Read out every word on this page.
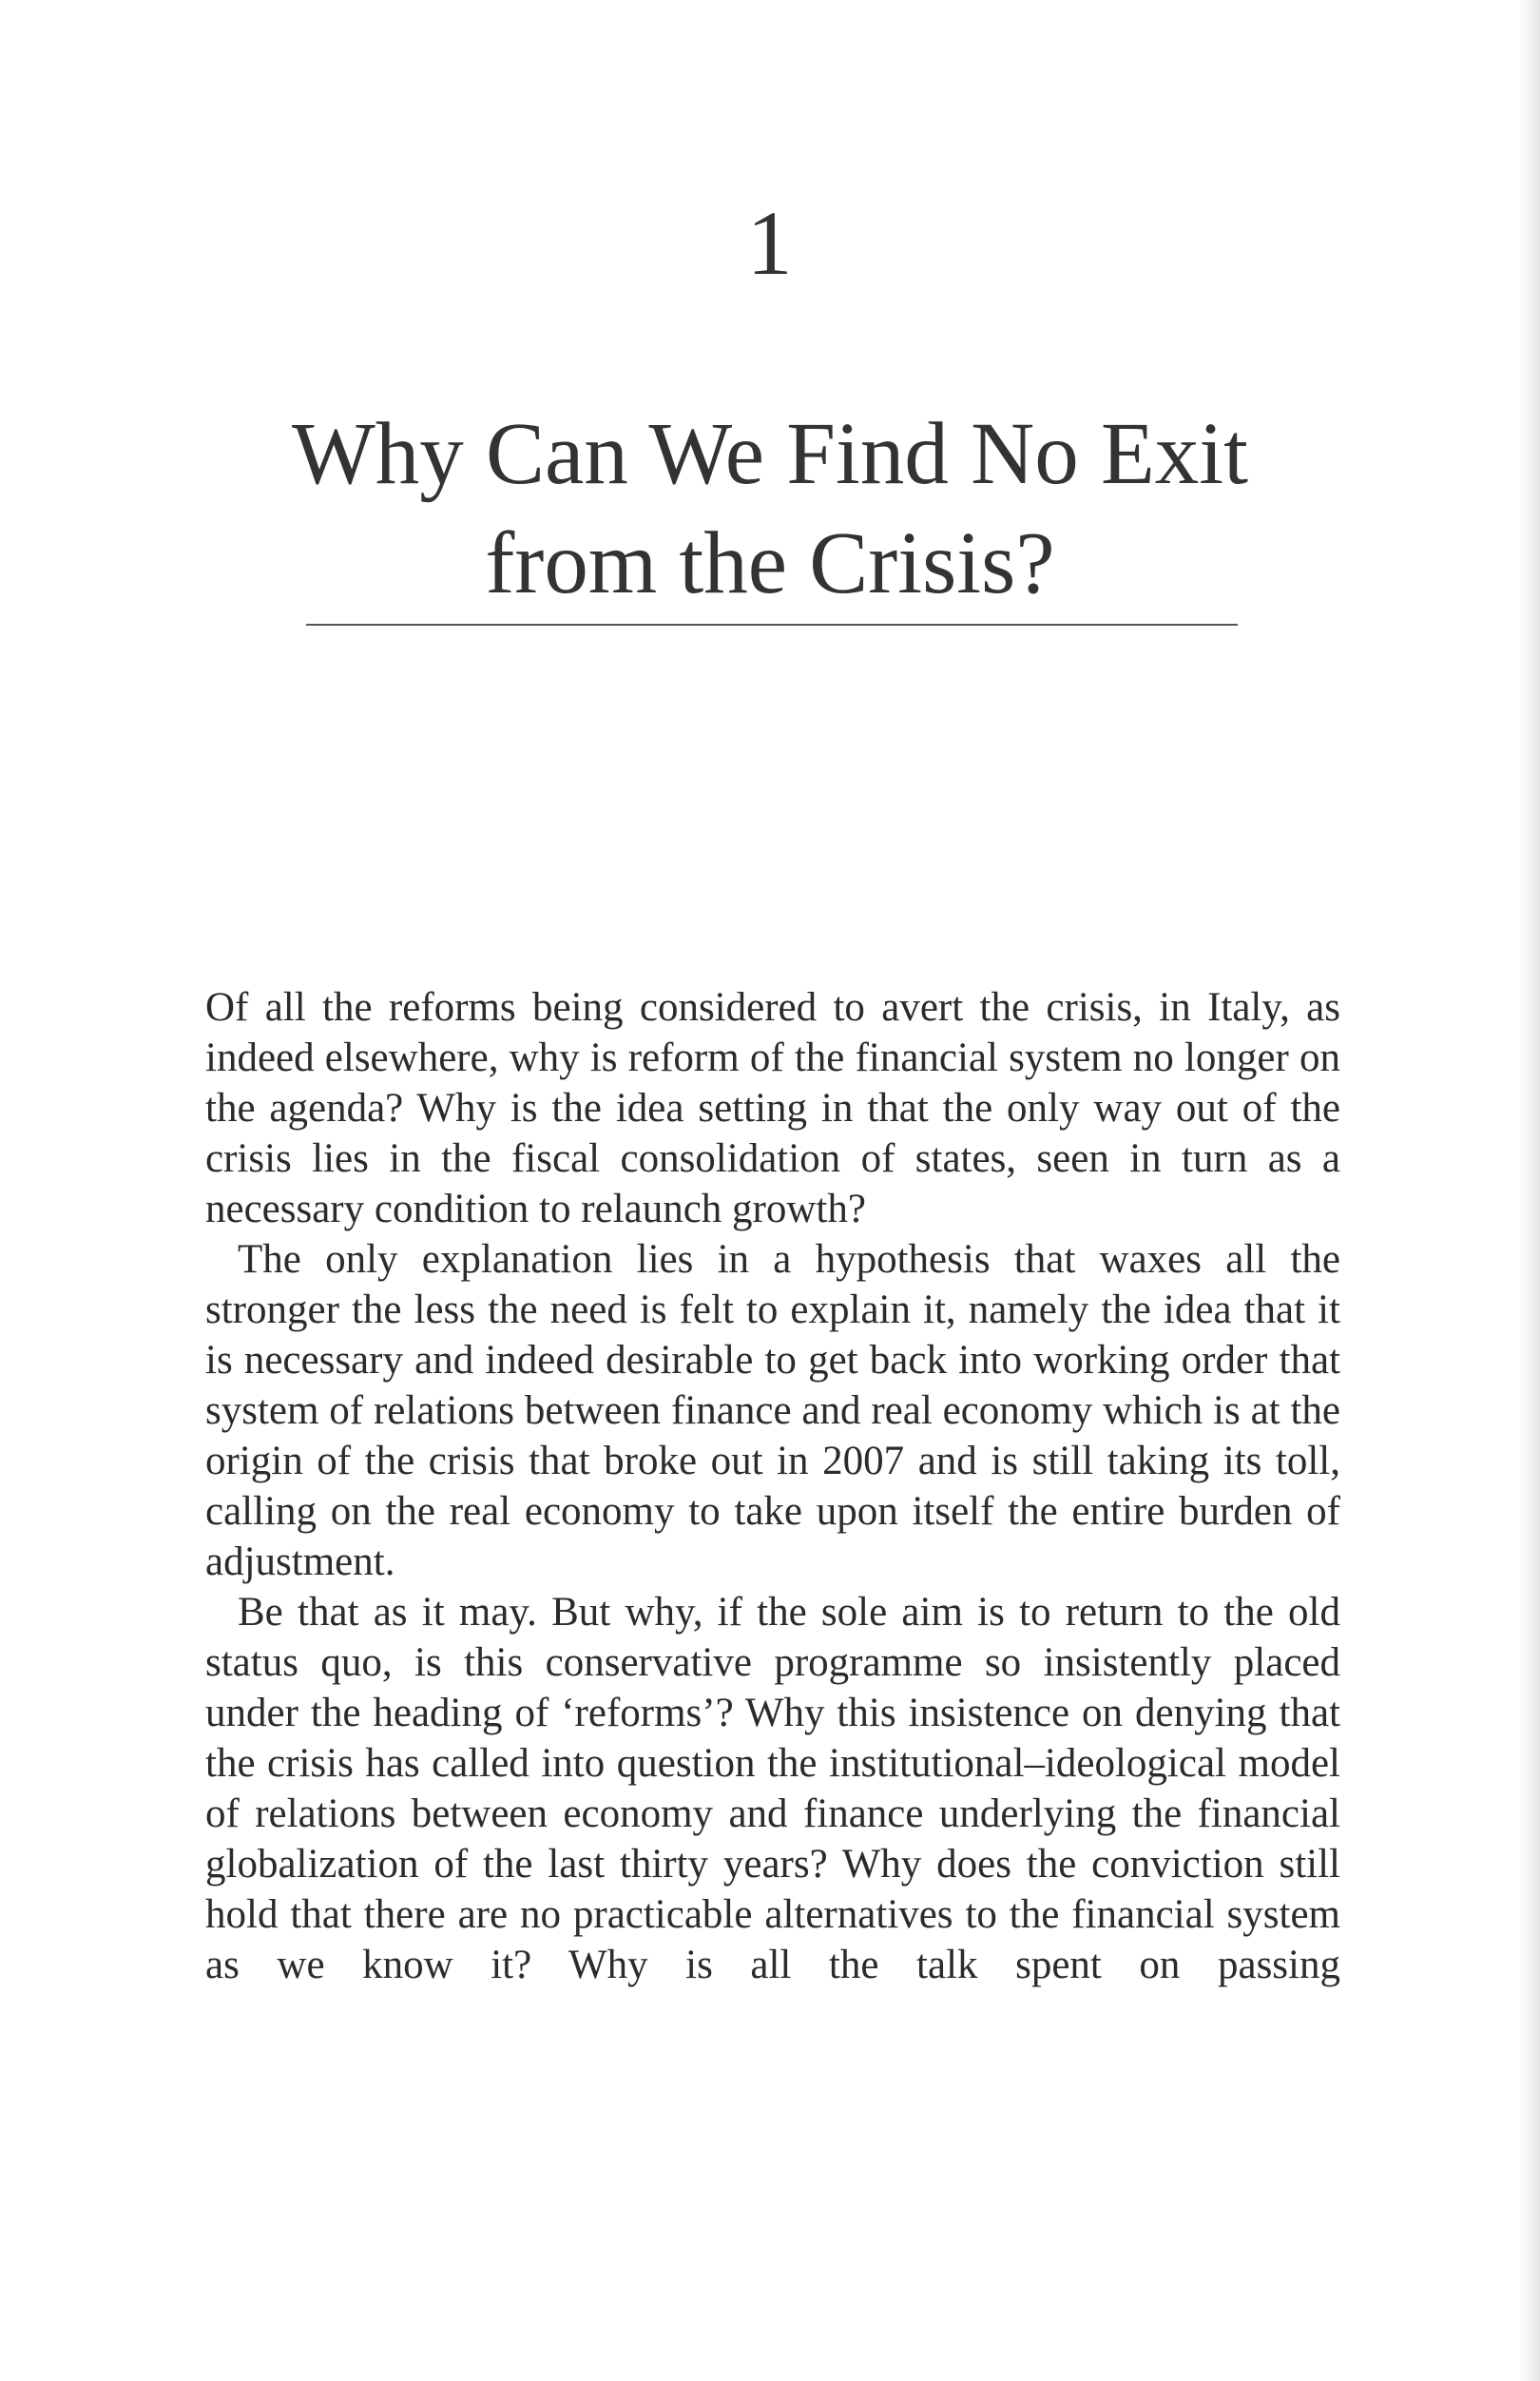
1
Why Can We Find No Exit
from the Crisis?

Of all the reforms being considered to avert the crisis, in Italy, as indeed elsewhere, why is reform of the financial system no longer on the agenda? Why is the idea setting in that the only way out of the crisis lies in the fiscal consolidation of states, seen in turn as a necessary condition to relaunch growth?

The only explanation lies in a hypothesis that waxes all the stronger the less the need is felt to explain it, namely the idea that it is necessary and indeed desirable to get back into working order that system of relations between finance and real economy which is at the origin of the crisis that broke out in 2007 and is still taking its toll, calling on the real economy to take upon itself the entire burden of adjustment.

Be that as it may. But why, if the sole aim is to return to the old status quo, is this conservative programme so insistently placed under the heading of ‘reforms’? Why this insistence on denying that the crisis has called into question the institutional–ideological model of relations between economy and finance underlying the financial globalization of the last thirty years? Why does the conviction still hold that there are no practicable alternatives to the financial system as we know it? Why is all the talk spent on passing
